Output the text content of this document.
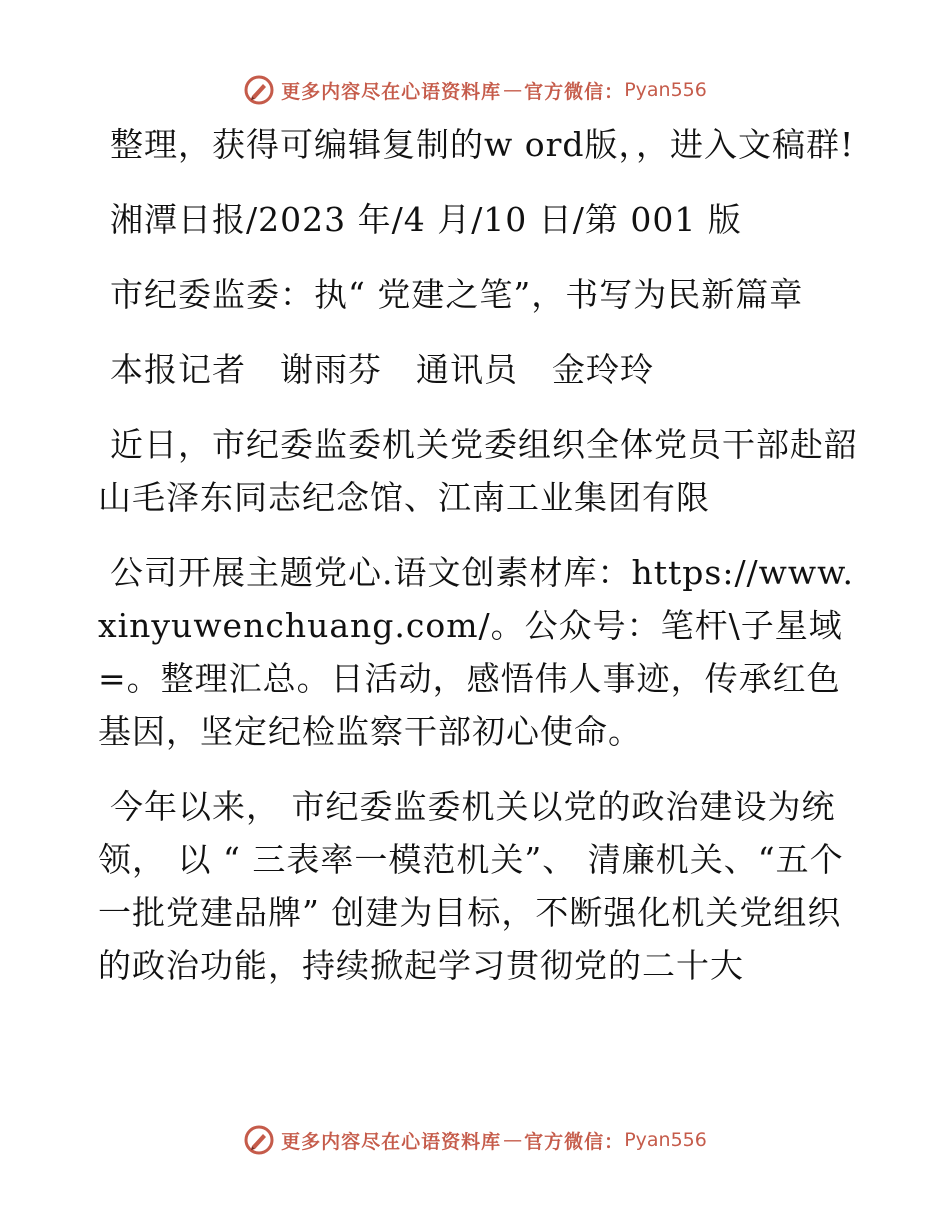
更多内容尽在心语资料库 — 官方微信： Pyan556

整理，获得可编辑复制的w ord版，，进入文稿群!

湘潭日报/2023 年/4 月/10 日/第 001 版

市纪委监委：执“ 党建之笔”，书写为民新篇章

本报记者　谢雨芬　通讯员　金玲玲

近日，市纪委监委机关党委组织全体党员干部赴韶山毛泽东同志纪念馆、江南工业集团有限

公司开展主题党心.语文创素材库：https://www.xinyuwenchuang.com/。公众号：笔杆\子星域=。整理汇总。日活动，感悟伟人事迹，传承红色基因，坚定纪检监察干部初心使命。

今年以来， 市纪委监委机关以党的政治建设为统领， 以 “ 三表率一模范机关”、 清廉机关、“五个一批党建品牌” 创建为目标，不断强化机关党组织的政治功能，持续掀起学习贯彻党的二十大

更多内容尽在心语资料库 — 官方微信： Pyan556
